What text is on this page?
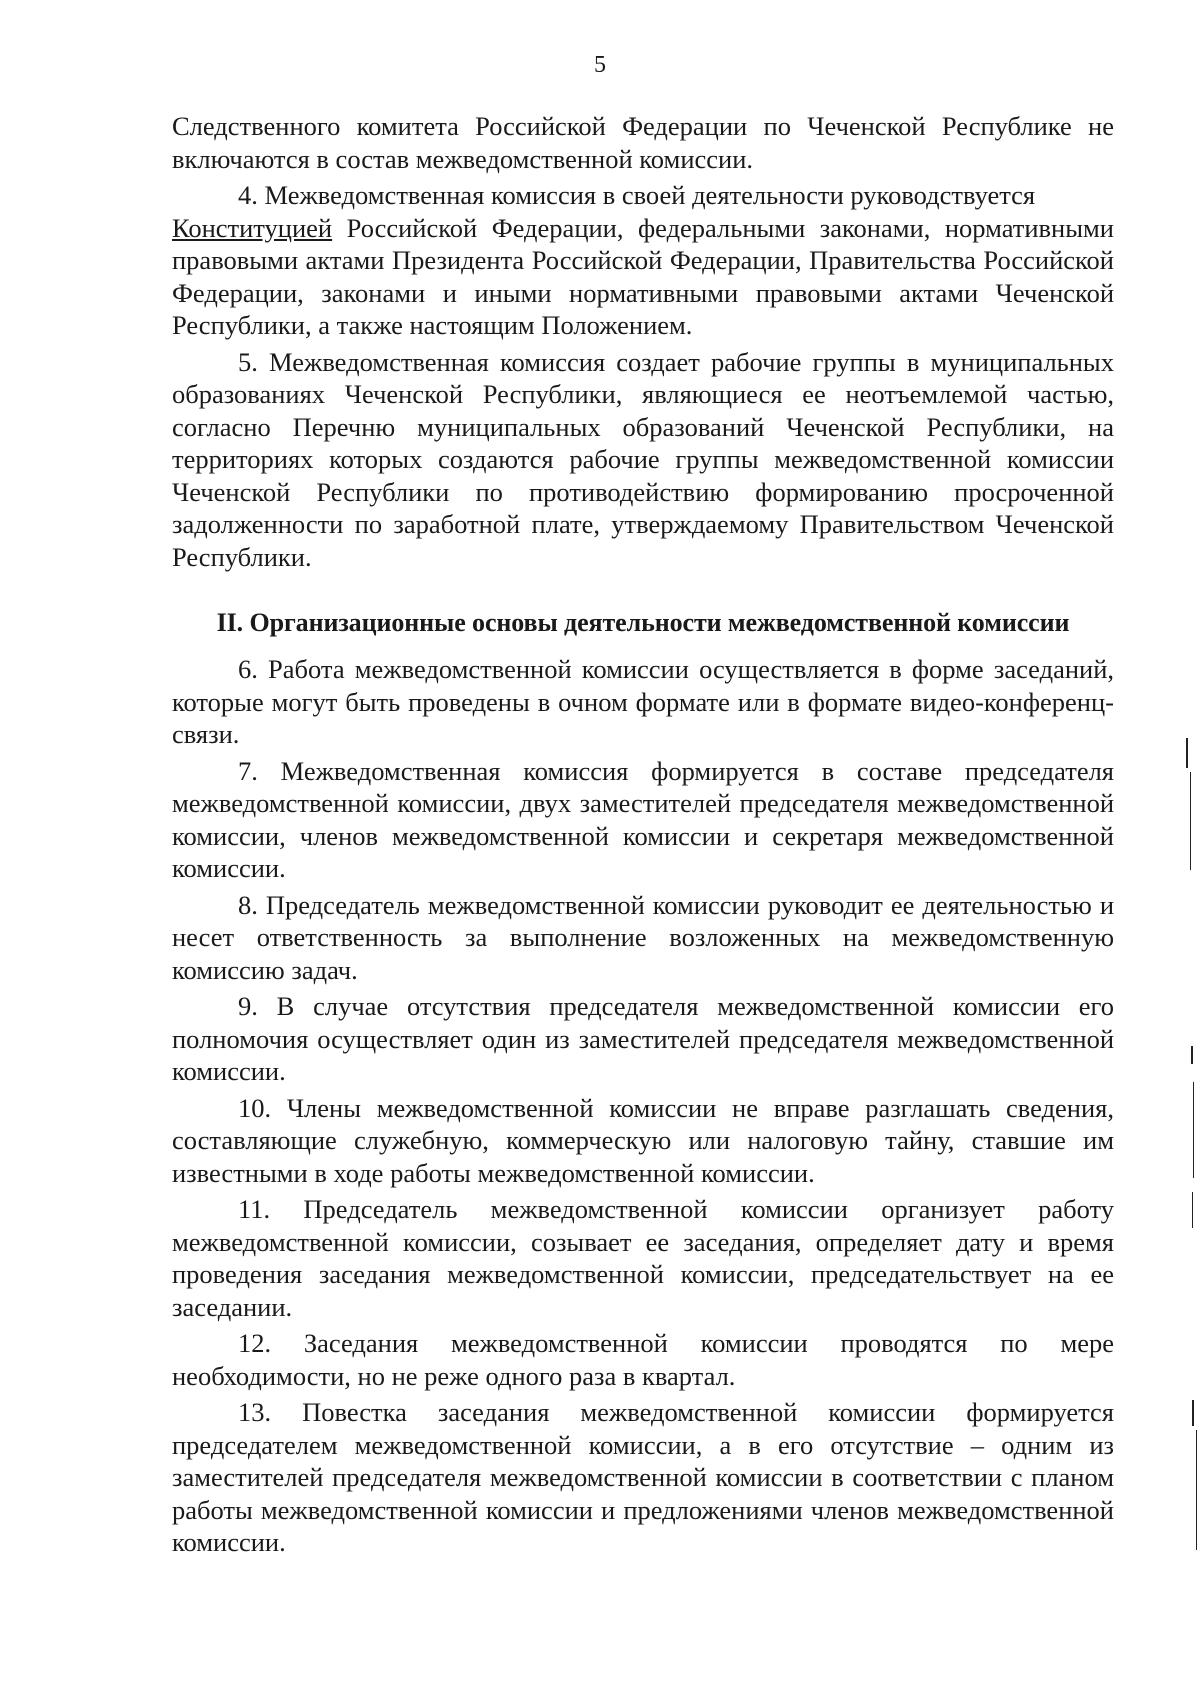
5

Следственного комитета Российской Федерации по Чеченской Республике не включаются в состав межведомственной комиссии.

4. Межведомственная комиссия в своей деятельности руководствуется
Конституцией Российской Федерации, федеральными законами, нормативными правовыми актами Президента Российской Федерации, Правительства Российской Федерации, законами и иными нормативными правовыми актами Чеченской Республики, а также настоящим Положением.

5. Межведомственная комиссия создает рабочие группы в муниципальных образованиях Чеченской Республики, являющиеся ее неотъемлемой частью, согласно Перечню муниципальных образований Чеченской Республики, на территориях которых создаются рабочие группы межведомственной комиссии Чеченской Республики по противодействию формированию просроченной задолженности по заработной плате, утверждаемому Правительством Чеченской Республики.

II. Организационные основы деятельности межведомственной комиссии

6. Работа межведомственной комиссии осуществляется в форме заседаний, которые могут быть проведены в очном формате или в формате видео-конференц-связи.

7. Межведомственная комиссия формируется в составе председателя межведомственной комиссии, двух заместителей председателя межведомственной комиссии, членов межведомственной комиссии и секретаря межведомственной комиссии.

8. Председатель межведомственной комиссии руководит ее деятельностью и несет ответственность за выполнение возложенных на межведомственную комиссию задач.

9. В случае отсутствия председателя межведомственной комиссии его полномочия осуществляет один из заместителей председателя межведомственной комиссии.

10. Члены межведомственной комиссии не вправе разглашать сведения, составляющие служебную, коммерческую или налоговую тайну, ставшие им известными в ходе работы межведомственной комиссии.

11. Председатель межведомственной комиссии организует работу межведомственной комиссии, созывает ее заседания, определяет дату и время проведения заседания межведомственной комиссии, председательствует на ее заседании.

12. Заседания межведомственной комиссии проводятся по мере необходимости, но не реже одного раза в квартал.

13. Повестка заседания межведомственной комиссии формируется председателем межведомственной комиссии, а в его отсутствие – одним из заместителей председателя межведомственной комиссии в соответствии с планом работы межведомственной комиссии и предложениями членов межведомственной комиссии.
